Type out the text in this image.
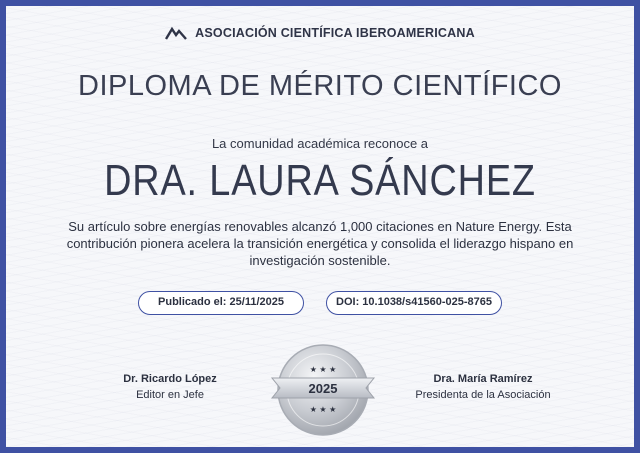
ASOCIACIÓN CIENTÍFICA IBEROAMERICANA
DIPLOMA DE MÉRITO CIENTÍFICO
La comunidad académica reconoce a
DRA. LAURA SÁNCHEZ
Su artículo sobre energías renovables alcanzó 1,000 citaciones en Nature Energy. Esta contribución pionera acelera la transición energética y consolida el liderazgo hispano en investigación sostenible.
Publicado el: 25/11/2025	DOI: 10.1038/s41560-025-8765
Dr. Ricardo López
Editor en Jefe
★ ★ ★
2025
★ ★ ★
Dra. María Ramírez
Presidenta de la Asociación
